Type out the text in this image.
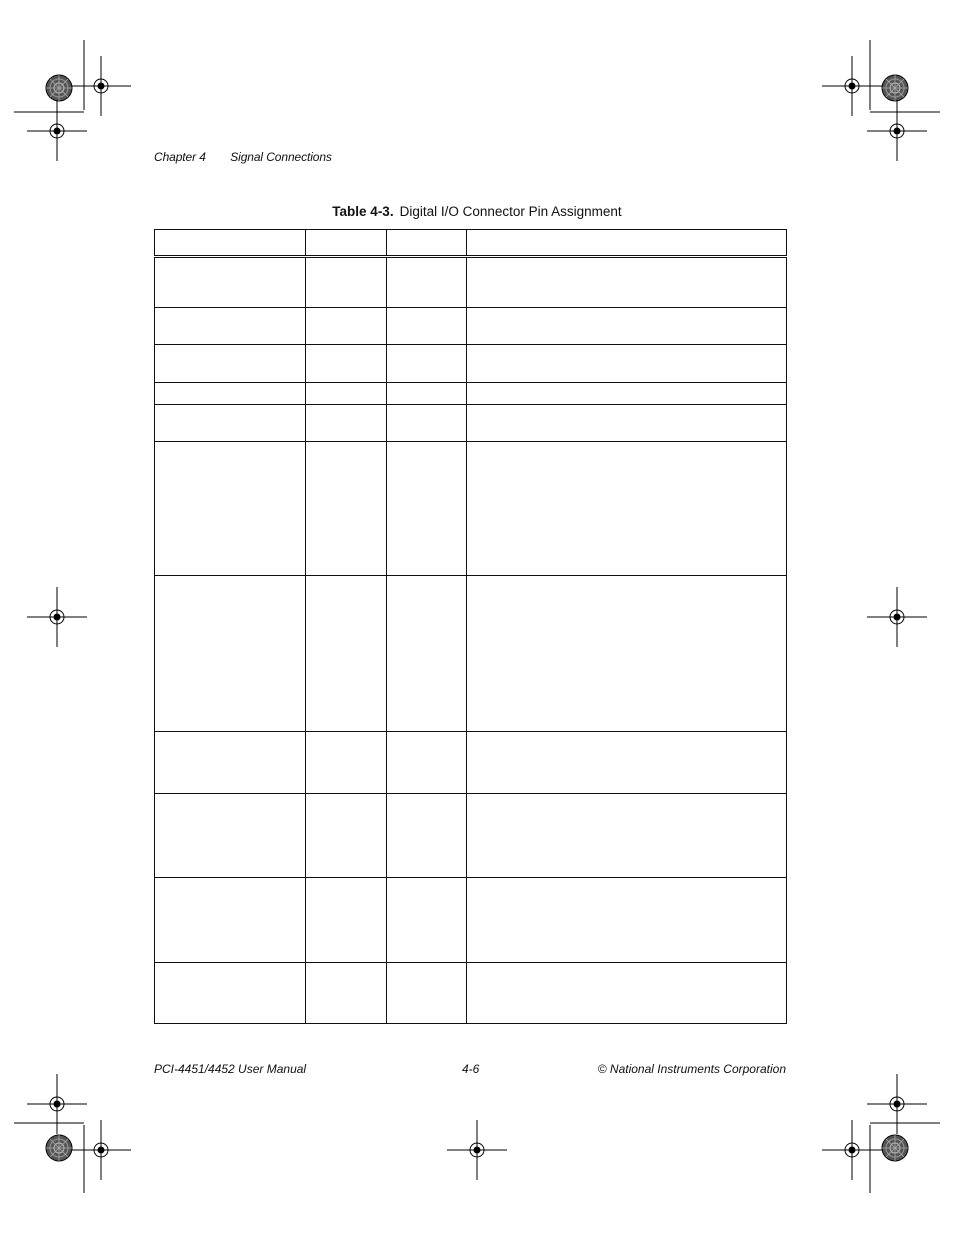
Chapter 4 Signal Connections
Table 4-3. Digital I/O Connector Pin Assignment

PCI-4451/4452 User Manual	4-6	© National Instruments Corporation
